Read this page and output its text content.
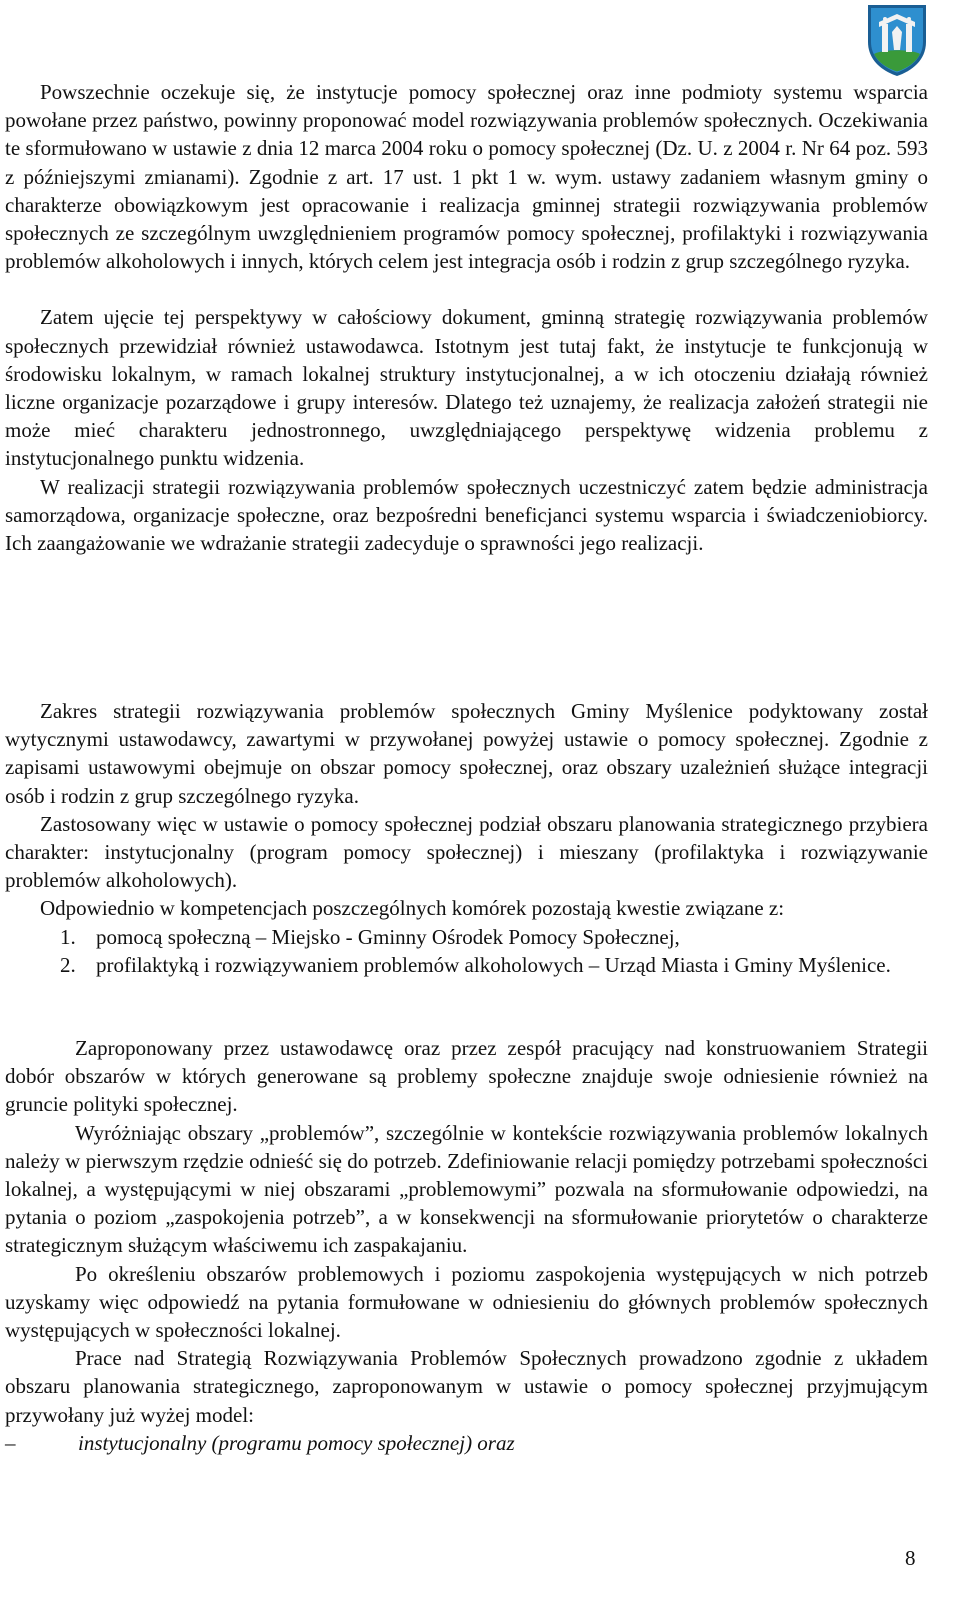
Powszechnie oczekuje się, że instytucje pomocy społecznej oraz inne podmioty systemu wsparcia powołane przez państwo, powinny proponować model rozwiązywania problemów społecznych. Oczekiwania te sformułowano w ustawie z dnia 12 marca 2004 roku o pomocy społecznej (Dz. U. z 2004 r. Nr 64 poz. 593 z późniejszymi zmianami). Zgodnie z art. 17 ust. 1 pkt 1 w. wym. ustawy zadaniem własnym gminy o charakterze obowiązkowym jest opracowanie i realizacja gminnej strategii rozwiązywania problemów społecznych ze szczególnym uwzględnieniem programów pomocy społecznej, profilaktyki i rozwiązywania problemów alkoholowych i innych, których celem jest integracja osób i rodzin z grup szczególnego ryzyka.

Zatem ujęcie tej perspektywy w całościowy dokument, gminną strategię rozwiązywania problemów społecznych przewidział również ustawodawca. Istotnym jest tutaj fakt, że instytucje te funkcjonują w środowisku lokalnym, w ramach lokalnej struktury instytucjonalnej, a w ich otoczeniu działają również liczne organizacje pozarządowe i grupy interesów. Dlatego też uznajemy, że realizacja założeń strategii nie może mieć charakteru jednostronnego, uwzględniającego perspektywę widzenia problemu z instytucjonalnego punktu widzenia.

W realizacji strategii rozwiązywania problemów społecznych uczestniczyć zatem będzie administracja samorządowa, organizacje społeczne, oraz bezpośredni beneficjanci systemu wsparcia i świadczeniobiorcy. Ich zaangażowanie we wdrażanie strategii zadecyduje o sprawności jego realizacji.

Zakres strategii rozwiązywania problemów społecznych Gminy Myślenice podyktowany został wytycznymi ustawodawcy, zawartymi w przywołanej powyżej ustawie o pomocy społecznej. Zgodnie z zapisami ustawowymi obejmuje on obszar pomocy społecznej, oraz obszary uzależnień służące integracji osób i rodzin z grup szczególnego ryzyka.

Zastosowany więc w ustawie o pomocy społecznej podział obszaru planowania strategicznego przybiera charakter: instytucjonalny (program pomocy społecznej) i mieszany (profilaktyka i rozwiązywanie problemów alkoholowych).

Odpowiednio w kompetencjach poszczególnych komórek pozostają kwestie związane z:

1. pomocą społeczną – Miejsko - Gminny Ośrodek Pomocy Społecznej,
2. profilaktyką i rozwiązywaniem problemów alkoholowych – Urząd Miasta i Gminy Myślenice.

Zaproponowany przez ustawodawcę oraz przez zespół pracujący nad konstruowaniem Strategii dobór obszarów w których generowane są problemy społeczne znajduje swoje odniesienie również na gruncie polityki społecznej.

Wyróżniając obszary „problemów”, szczególnie w kontekście rozwiązywania problemów lokalnych należy w pierwszym rzędzie odnieść się do potrzeb. Zdefiniowanie relacji pomiędzy potrzebami społeczności lokalnej, a występującymi w niej obszarami „problemowymi” pozwala na sformułowanie odpowiedzi, na pytania o poziom „zaspokojenia potrzeb”, a w konsekwencji na sformułowanie priorytetów o charakterze strategicznym służącym właściwemu ich zaspakajaniu.

Po określeniu obszarów problemowych i poziomu zaspokojenia występujących w nich potrzeb uzyskamy więc odpowiedź na pytania formułowane w odniesieniu do głównych problemów społecznych występujących w społeczności lokalnej.

Prace nad Strategią Rozwiązywania Problemów Społecznych prowadzono zgodnie z układem obszaru planowania strategicznego, zaproponowanym w ustawie o pomocy społecznej przyjmującym przywołany już wyżej model:

–	instytucjonalny (programu pomocy społecznej) oraz
8
